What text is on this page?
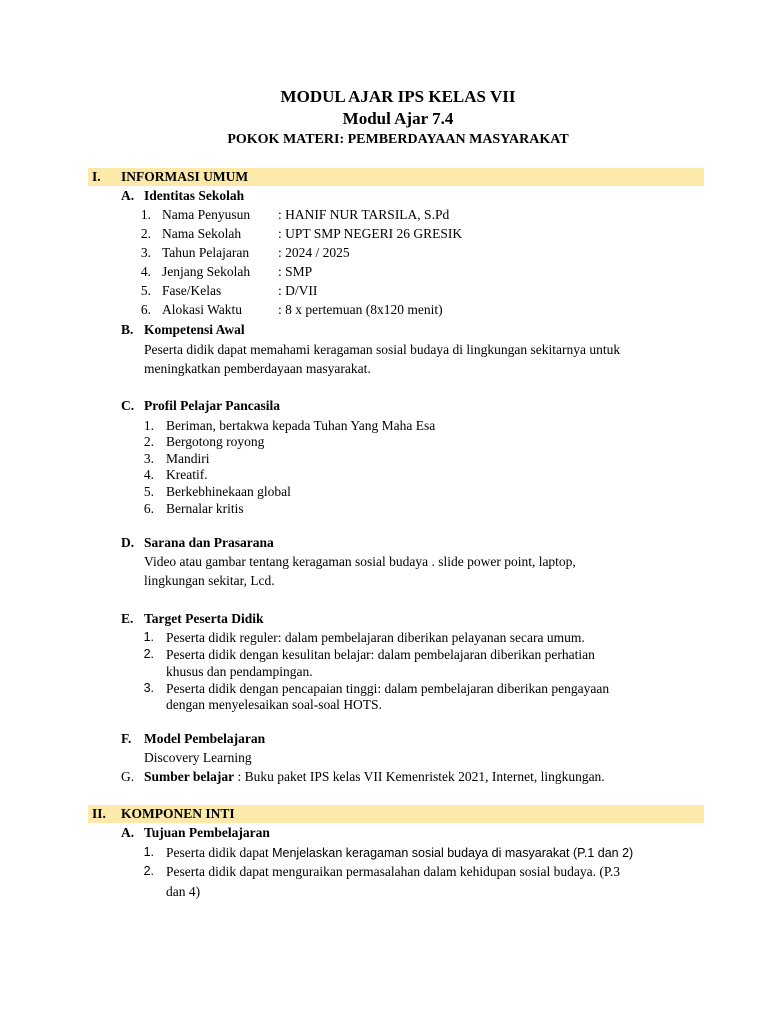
MODUL AJAR IPS KELAS VII
Modul Ajar 7.4
POKOK MATERI: PEMBERDAYAAN MASYARAKAT
I. INFORMASI UMUM
A. Identitas Sekolah
1. Nama Penyusun : HANIF NUR TARSILA, S.Pd
2. Nama Sekolah	: UPT SMP NEGERI 26 GRESIK
3. Tahun Pelajaran : 2024 / 2025
4. Jenjang Sekolah : SMP
5. Fase/Kelas	: D/VII
6. Alokasi Waktu	: 8 x pertemuan (8x120 menit)
B. Kompetensi Awal
Peserta didik dapat memahami keragaman sosial budaya di lingkungan sekitarnya untuk
meningkatkan pemberdayaan masyarakat.
C. Profil Pelajar Pancasila
1. Beriman, bertakwa kepada Tuhan Yang Maha Esa
2. Bergotong royong
3. Mandiri
4. Kreatif.
5. Berkebhinekaan global
6. Bernalar kritis
D. Sarana dan Prasarana
Video atau gambar tentang keragaman sosial budaya . slide power point, laptop,
lingkungan sekitar, Lcd.
E. Target Peserta Didik
1. Peserta didik reguler: dalam pembelajaran diberikan pelayanan secara umum.
2. Peserta didik dengan kesulitan belajar: dalam pembelajaran diberikan perhatian
khusus dan pendampingan.
3. Peserta didik dengan pencapaian tinggi: dalam pembelajaran diberikan pengayaan
dengan menyelesaikan soal-soal HOTS.
F. Model Pembelajaran
Discovery Learning
G. Sumber belajar : Buku paket IPS kelas VII Kemenristek 2021, Internet, lingkungan.
II. KOMPONEN INTI
A. Tujuan Pembelajaran
1. Peserta didik dapat Menjelaskan keragaman sosial budaya di masyarakat (P.1 dan 2)
2. Peserta didik dapat menguraikan permasalahan dalam kehidupan sosial budaya. (P.3
dan 4)
